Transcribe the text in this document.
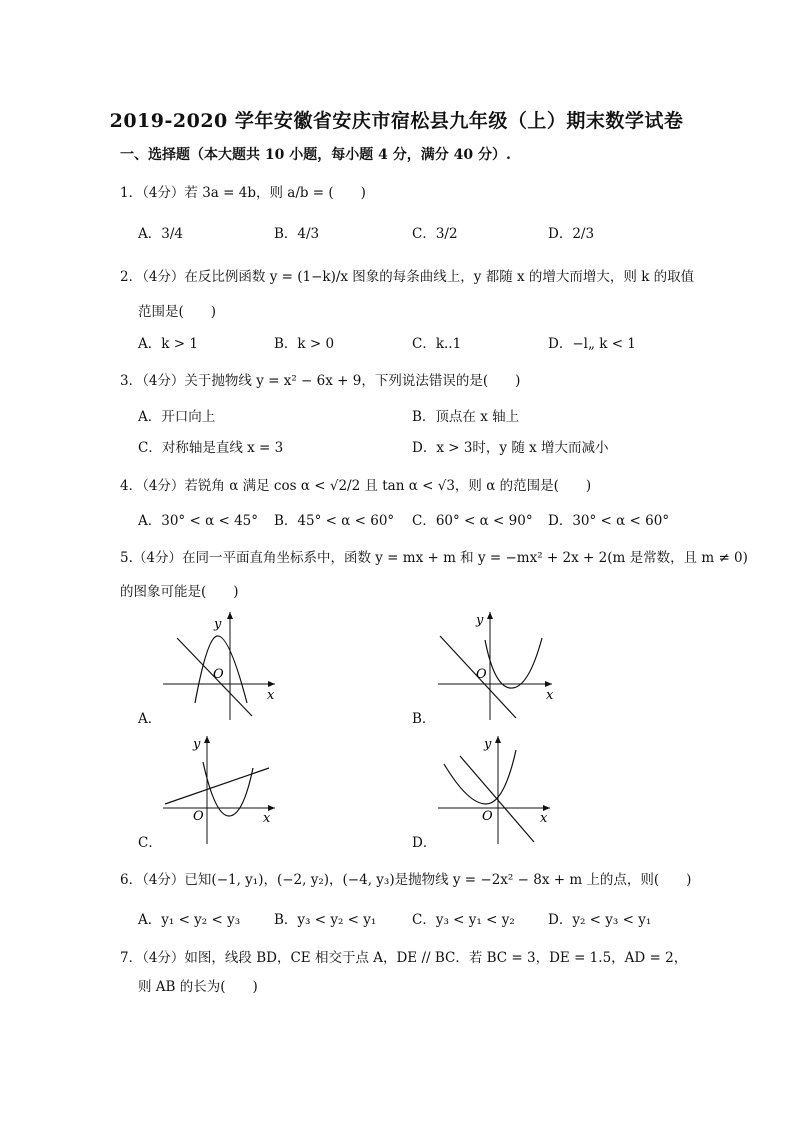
2019-2020 学年安徽省安庆市宿松县九年级（上）期末数学试卷
一、选择题（本大题共 10 小题，每小题 4 分，满分 40 分）.
1．（4分）若 3a = 4b，则 a/b = (　　)
A．3/4	B．4/3	C．3/2	D．2/3
2．（4分）在反比例函数 y = (1−k)/x 图象的每条曲线上，y 都随 x 的增大而增大，则 k 的取值
范围是(　　)
A．k > 1	B．k > 0	C．k..1	D．−l„ k < 1
3．（4分）关于抛物线 y = x² − 6x + 9，下列说法错误的是(　　)
A．开口向上	B．顶点在 x 轴上
C．对称轴是直线 x = 3	D．x > 3时，y 随 x 增大而减小
4．（4分）若锐角 α 满足 cos α < √2/2 且 tan α < √3，则 α 的范围是(　　)
A．30° < α < 45° B．45° < α < 60° C．60° < α < 90° D．30° < α < 60°
5.（4分）在同一平面直角坐标系中，函数 y = mx + m 和 y = −mx² + 2x + 2(m 是常数，且 m ≠ 0)
的图象可能是(　　)
A．
y
x
O
B．
y
x
O
C．
y
x
O
D．
y
x
O
6．（4分）已知(−1, y₁)，(−2, y₂)，(−4, y₃)是抛物线 y = −2x² − 8x + m 上的点，则(　　)
A．y₁ < y₂ < y₃	B．y₃ < y₂ < y₁	C．y₃ < y₁ < y₂ D．y₂ < y₃ < y₁
7．（4分）如图，线段 BD，CE 相交于点 A，DE // BC．若 BC = 3，DE = 1.5，AD = 2，
则 AB 的长为(　　)
